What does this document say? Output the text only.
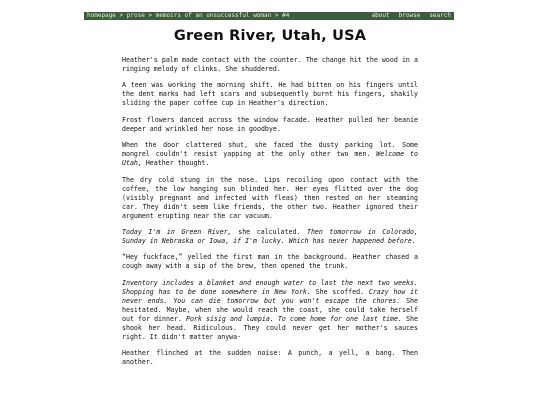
homepage > prose > memoirs of an unsuccessful woman > #4	about browse search
Green River, Utah, USA

Heather's palm made contact with the counter. The change hit the wood in a ringing melody of clinks. She shuddered.

A teen was working the morning shift. He had bitten on his fingers until the dent marks had left scars and subsequently burnt his fingers, shakily sliding the paper coffee cup in Heather's direction.

Frost flowers danced across the window facade. Heather pulled her beanie deeper and wrinkled her nose in goodbye.

When the door clattered shut, she faced the dusty parking lot. Some mongrel couldn't resist yapping at the only other two men. Welcome to Utah, Heather thought.

The dry cold stung in the nose. Lips recoiling upon contact with the coffee, the low hanging sun blinded her. Her eyes flitted over the dog (visibly pregnant and infected with fleas) then rested on her steaming car. They didn't seem like friends, the other two. Heather ignored their argument erupting near the car vacuum.

Today I'm in Green River, she calculated. Then tomorrow in Colorado, Sunday in Nebraska or Iowa, if I'm lucky. Which has never happened before.

“Hey fuckface,” yelled the first man in the background. Heather chased a cough away with a sip of the brew, then opened the trunk.

Inventory includes a blanket and enough water to last the next two weeks. Shopping has to be done somewhere in New York. She scoffed. Crazy how it never ends. You can die tomorrow but you won't escape the chores. She hesitated. Maybe, when she would reach the coast, she could take herself out for dinner. Pork sisig and lumpia. To come home for one last time. She shook her head. Ridiculous. They could never get her mother's sauces right. It didn't matter anywa-

Heather flinched at the sudden noise: A punch, a yell, a bang. Then another.
